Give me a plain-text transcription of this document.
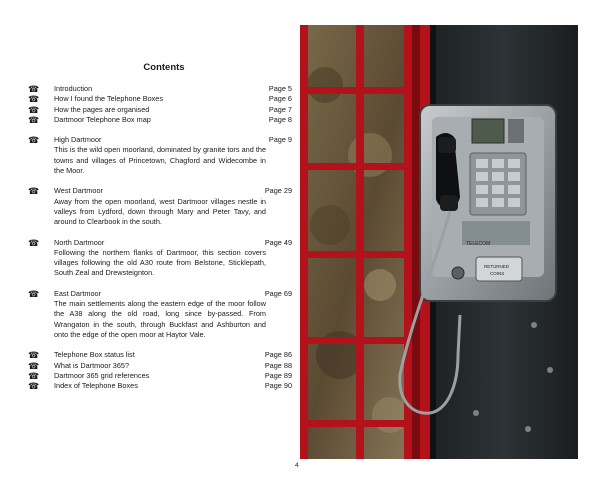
Contents
☎	Introduction	Page 5
☎	How I found the Telephone Boxes	Page 6
☎	How the pages are organised	Page 7
☎	Dartmoor Telephone Box map	Page 8
☎	High Dartmoor	Page 9
This is the wild open moorland, dominated by granite tors and the towns and villages of Princetown, Chagford and Widecombe in the Moor.
☎	West Dartmoor	Page 29
Away from the open moorland, west Dartmoor villages nestle in valleys from Lydford, down through Mary and Peter Tavy, and around to Clearbook in the south.
☎	North Dartmoor	Page 49
Following the northern flanks of Dartmoor, this section covers villages following the old A30 route from Belstone, Sticklepath, South Zeal and Drewsteignton.
☎	East Dartmoor	Page 69
The main settlements along the eastern edge of the moor follow the A38 along the old road, long since by-passed. From Wrangaton in the south, through Buckfast and Ashburton and onto the edge of the open moor at Haytor Vale.
☎	Telephone Box status list	Page 86
☎	What is Dartmoor 365?	Page 88
☎	Dartmoor 365 grid references	Page 89
☎	Index of Telephone Boxes	Page 90
TELECOM
RETURNED
COINS
4
